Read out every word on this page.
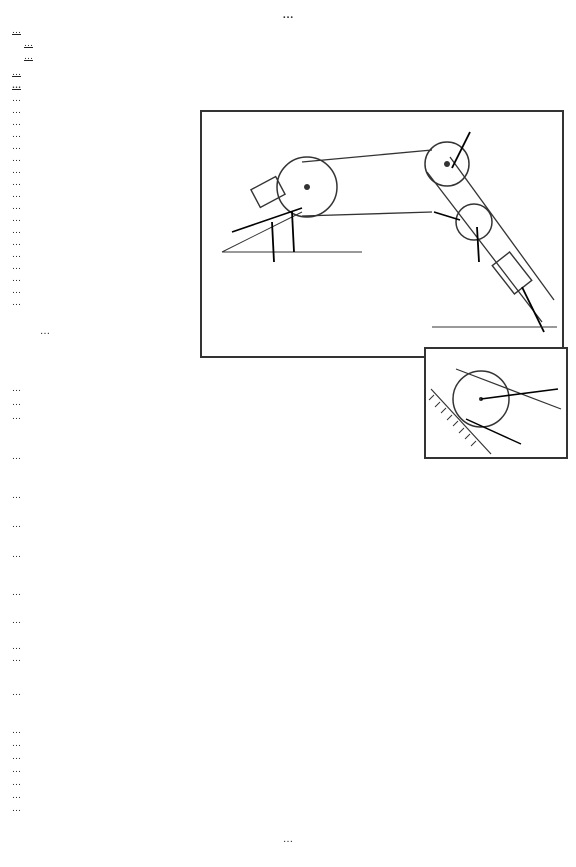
…
…
…
…
…
…
…
…
…
…
…
…
…
…
…
…
…
…
…
…
…
…
…
…
…
…
…
…
…
…
…
…
…
…
…
…
…
…
…
…
…
…
…
…
…
